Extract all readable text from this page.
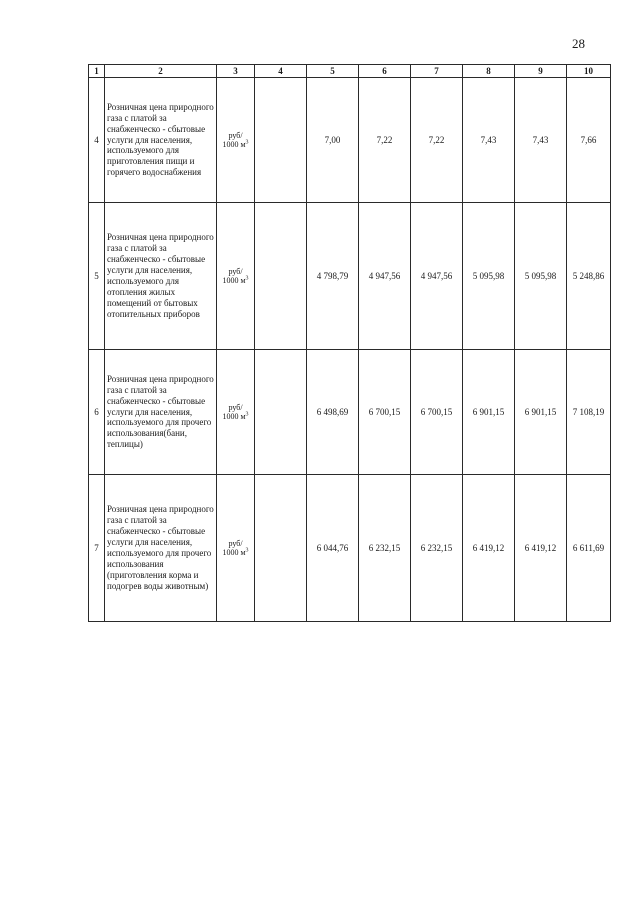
28
1	2	3	4	5	6	7	8	9	10
4	Розничная цена природного газа с платой за снабженческо - сбытовые услуги для населения, используемого для приготовления пищи и горячего водоснабжения	руб/
1000 $м^3$		7,00	7,22	7,22	7,43	7,43	7,66
5	Розничная цена природного газа с платой за снабженческо - сбытовые услуги для населения, используемого для отопления жилых помещений от бытовых отопительных приборов	руб/
1000 $м^3$		4 798,79	4 947,56	4 947,56	5 095,98	5 095,98	5 248,86
6	Розничная цена природного газа с платой за снабженческо - сбытовые услуги для населения, используемого для прочего использования(бани, теплицы)	руб/
1000 $м^3$		6 498,69	6 700,15	6 700,15	6 901,15	6 901,15	7 108,19
7	Розничная цена природного газа с платой за снабженческо - сбытовые услуги для населения, используемого для прочего использования (приготовления корма и подогрев воды животным)	руб/
1000 $м^3$		6 044,76	6 232,15	6 232,15	6 419,12	6 419,12	6 611,69
